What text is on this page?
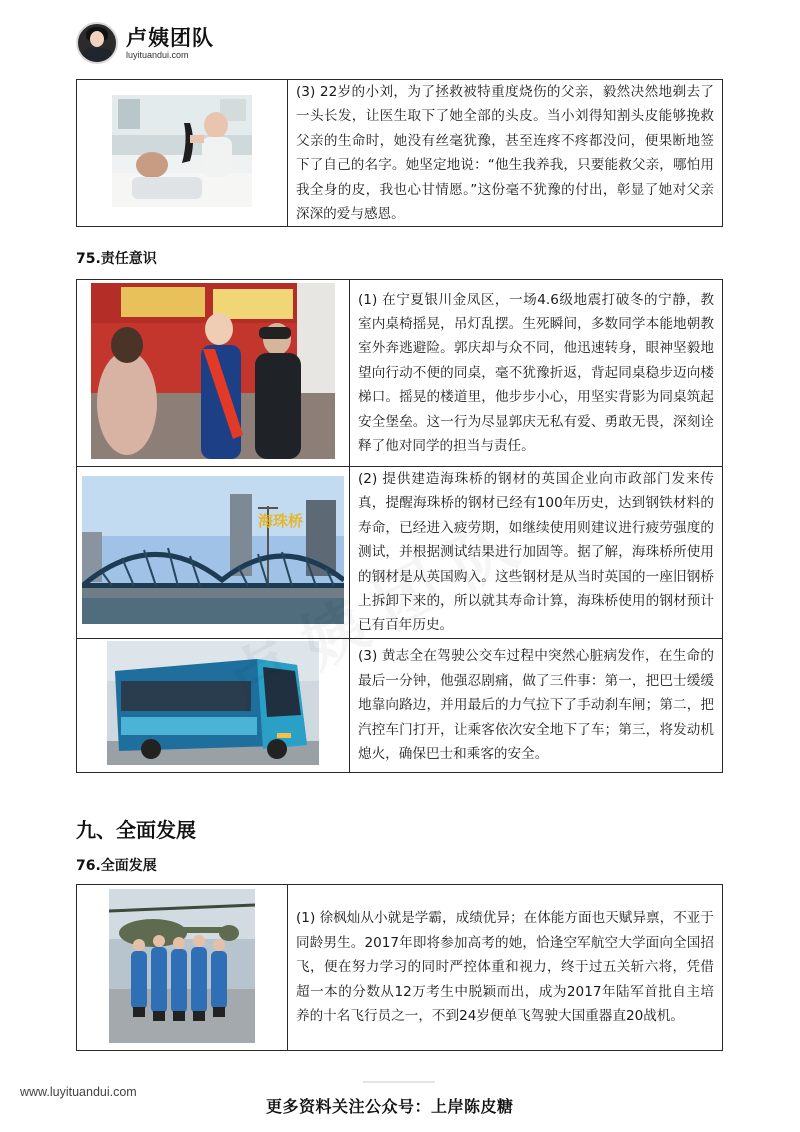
卢姨团队
luyituandui.com
	(3) 22岁的小刘，为了拯救被特重度烧伤的父亲，毅然决然地剃去了一头长发，让医生取下了她全部的头皮。当小刘得知割头皮能够挽救父亲的生命时，她没有丝毫犹豫，甚至连疼不疼都没问，便果断地签下了自己的名字。她坚定地说：“他生我养我，只要能救父亲，哪怕用我全身的皮，我也心甘情愿。”这份毫不犹豫的付出，彰显了她对父亲深深的爱与感恩。
75.责任意识
	(1) 在宁夏银川金凤区，一场4.6级地震打破冬的宁静，教室内桌椅摇晃，吊灯乱摆。生死瞬间，多数同学本能地朝教室外奔逃避险。郭庆却与众不同，他迅速转身，眼神坚毅地望向行动不便的同桌，毫不犹豫折返，背起同桌稳步迈向楼梯口。摇晃的楼道里，他步步小心，用坚实背影为同桌筑起安全堡垒。这一行为尽显郭庆无私有爱、勇敢无畏，深刻诠释了他对同学的担当与责任。

海珠桥	(2) 提供建造海珠桥的钢材的英国企业向市政部门发来传真，提醒海珠桥的钢材已经有100年历史，达到钢铁材料的寿命，已经进入疲劳期，如继续使用则建议进行疲劳强度的测试，并根据测试结果进行加固等。据了解，海珠桥所使用的钢材是从英国购入。这些钢材是从当时英国的一座旧钢桥上拆卸下来的，所以就其寿命计算，海珠桥使用的钢材预计已有百年历史。
	(3) 黄志全在驾驶公交车过程中突然心脏病发作，在生命的最后一分钟，他强忍剧痛，做了三件事：第一，把巴士缓缓地靠向路边，并用最后的力气拉下了手动刹车闸；第二，把汽控车门打开，让乘客依次安全地下了车；第三，将发动机熄火，确保巴士和乘客的安全。
九、全面发展
76.全面发展
	(1) 徐枫灿从小就是学霸，成绩优异；在体能方面也天赋异禀，不亚于同龄男生。2017年即将参加高考的她，恰逢空军航空大学面向全国招飞，便在努力学习的同时严控体重和视力，终于过五关斩六将，凭借超一本的分数从12万考生中脱颖而出，成为2017年陆军首批自主培养的十名飞行员之一，不到24岁便单飞驾驶大国重器直20战机。
www.luyituandui.com
更多资料关注公众号：上岸陈皮糖
